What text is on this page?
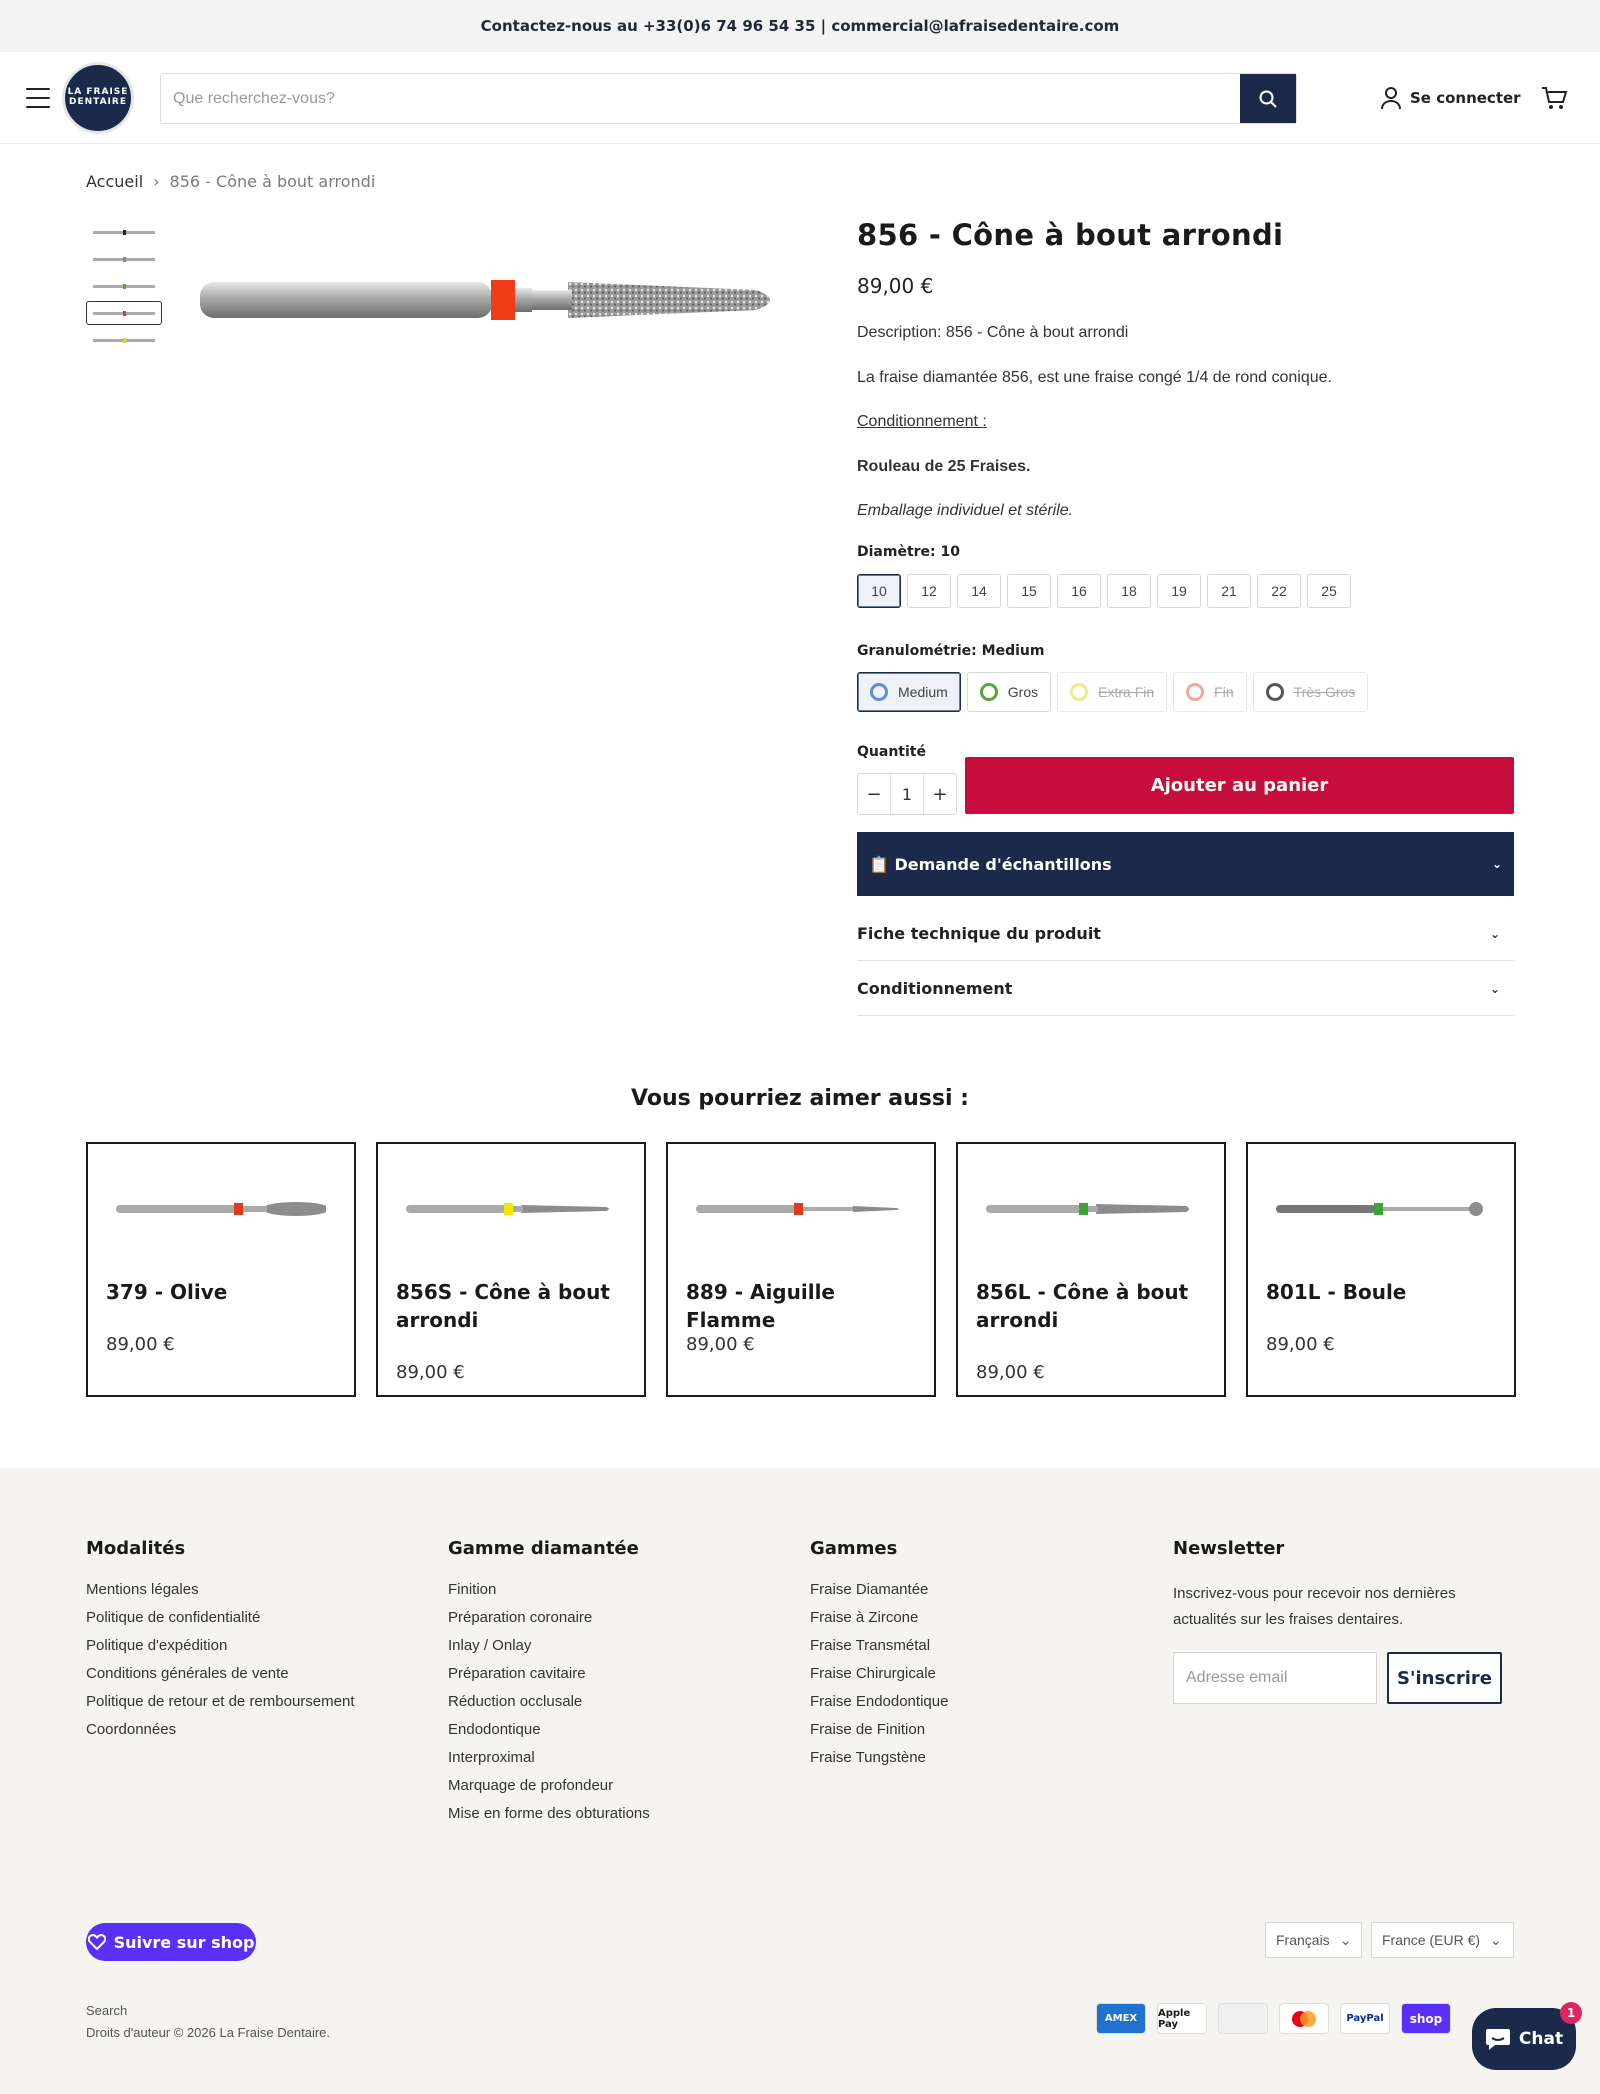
Contactez-nous au +33(0)6 74 96 54 35 | commercial@lafraisedentaire.com
LA FRAISE DENTAIRE
Que recherchez-vous?	Se connecter
Accueil › 856 - Cône à bout arrondi
856 - Cône à bout arrondi
89,00 €
Description: 856 - Cône à bout arrondi
La fraise diamantée 856, est une fraise congé 1/4 de rond conique.
Conditionnement :
Rouleau de 25 Fraises.
Emballage individuel et stérile.
Diamètre: 10
10	12	14	15	16	18	19	21	22	25
Granulométrie: Medium
Medium	Gros	Extra Fin	Fin	Très Gros
Quantité
−	1	+	Ajouter au panier
📋 Demande d'échantillons	⌄
Fiche technique du produit	⌄
Conditionnement	⌄
Vous pourriez aimer aussi :
379 - Olive
89,00 €
856S - Cône à bout arrondi
89,00 €
889 - Aiguille Flamme
89,00 €
856L - Cône à bout arrondi
89,00 €
801L - Boule
89,00 €
Modalités
Mentions légales
Politique de confidentialité
Politique d'expédition
Conditions générales de vente
Politique de retour et de remboursement
Coordonnées
Gamme diamantée
Finition
Préparation coronaire
Inlay / Onlay
Préparation cavitaire
Réduction occlusale
Endodontique
Interproximal
Marquage de profondeur
Mise en forme des obturations
Gammes
Fraise Diamantée
Fraise à Zircone
Fraise Transmétal
Fraise Chirurgicale
Fraise Endodontique
Fraise de Finition
Fraise Tungstène
Newsletter
Inscrivez-vous pour recevoir nos dernières actualités sur les fraises dentaires.
Adresse email	S'inscrire
Suivre sur shop	Français ⌄ France (EUR €) ⌄
Search
Droits d'auteur © 2026 La Fraise Dentaire.
AMEX	Apple Pay	PayPal	shop
Chat
1
